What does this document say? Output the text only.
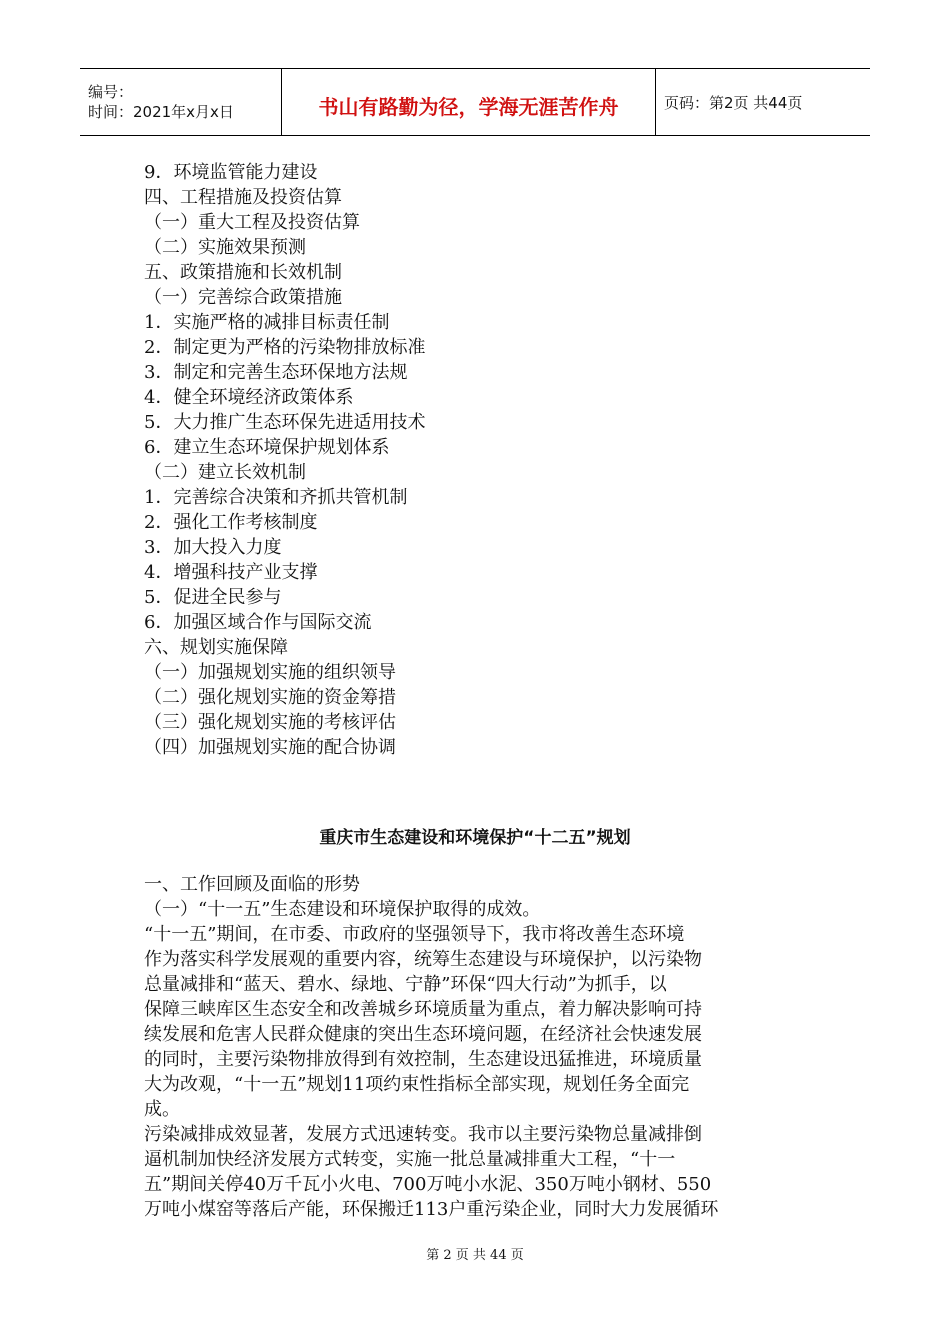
编号：
时间：2021年x月x日	书山有路勤为径，学海无涯苦作舟	页码：第2页 共44页
9．环境监管能力建设
四、工程措施及投资估算
（一）重大工程及投资估算
（二）实施效果预测
五、政策措施和长效机制
（一）完善综合政策措施
1．实施严格的减排目标责任制
2．制定更为严格的污染物排放标准
3．制定和完善生态环保地方法规
4．健全环境经济政策体系
5．大力推广生态环保先进适用技术
6．建立生态环境保护规划体系
（二）建立长效机制
1．完善综合决策和齐抓共管机制
2．强化工作考核制度
3．加大投入力度
4．增强科技产业支撑
5．促进全民参与
6．加强区域合作与国际交流
六、规划实施保障
（一）加强规划实施的组织领导
（二）强化规划实施的资金筹措
（三）强化规划实施的考核评估
（四）加强规划实施的配合协调
重庆市生态建设和环境保护“十二五”规划
一、工作回顾及面临的形势
（一）“十一五”生态建设和环境保护取得的成效。
“十一五”期间，在市委、市政府的坚强领导下，我市将改善生态环境
作为落实科学发展观的重要内容，统筹生态建设与环境保护，以污染物
总量减排和“蓝天、碧水、绿地、宁静”环保“四大行动”为抓手，以
保障三峡库区生态安全和改善城乡环境质量为重点，着力解决影响可持
续发展和危害人民群众健康的突出生态环境问题，在经济社会快速发展
的同时，主要污染物排放得到有效控制，生态建设迅猛推进，环境质量
大为改观，“十一五”规划11项约束性指标全部实现，规划任务全面完
成。
污染减排成效显著，发展方式迅速转变。我市以主要污染物总量减排倒
逼机制加快经济发展方式转变，实施一批总量减排重大工程，“十一
五”期间关停40万千瓦小火电、700万吨小水泥、350万吨小钢材、550
万吨小煤窑等落后产能，环保搬迁113户重污染企业，同时大力发展循环
第 2 页 共 44 页
